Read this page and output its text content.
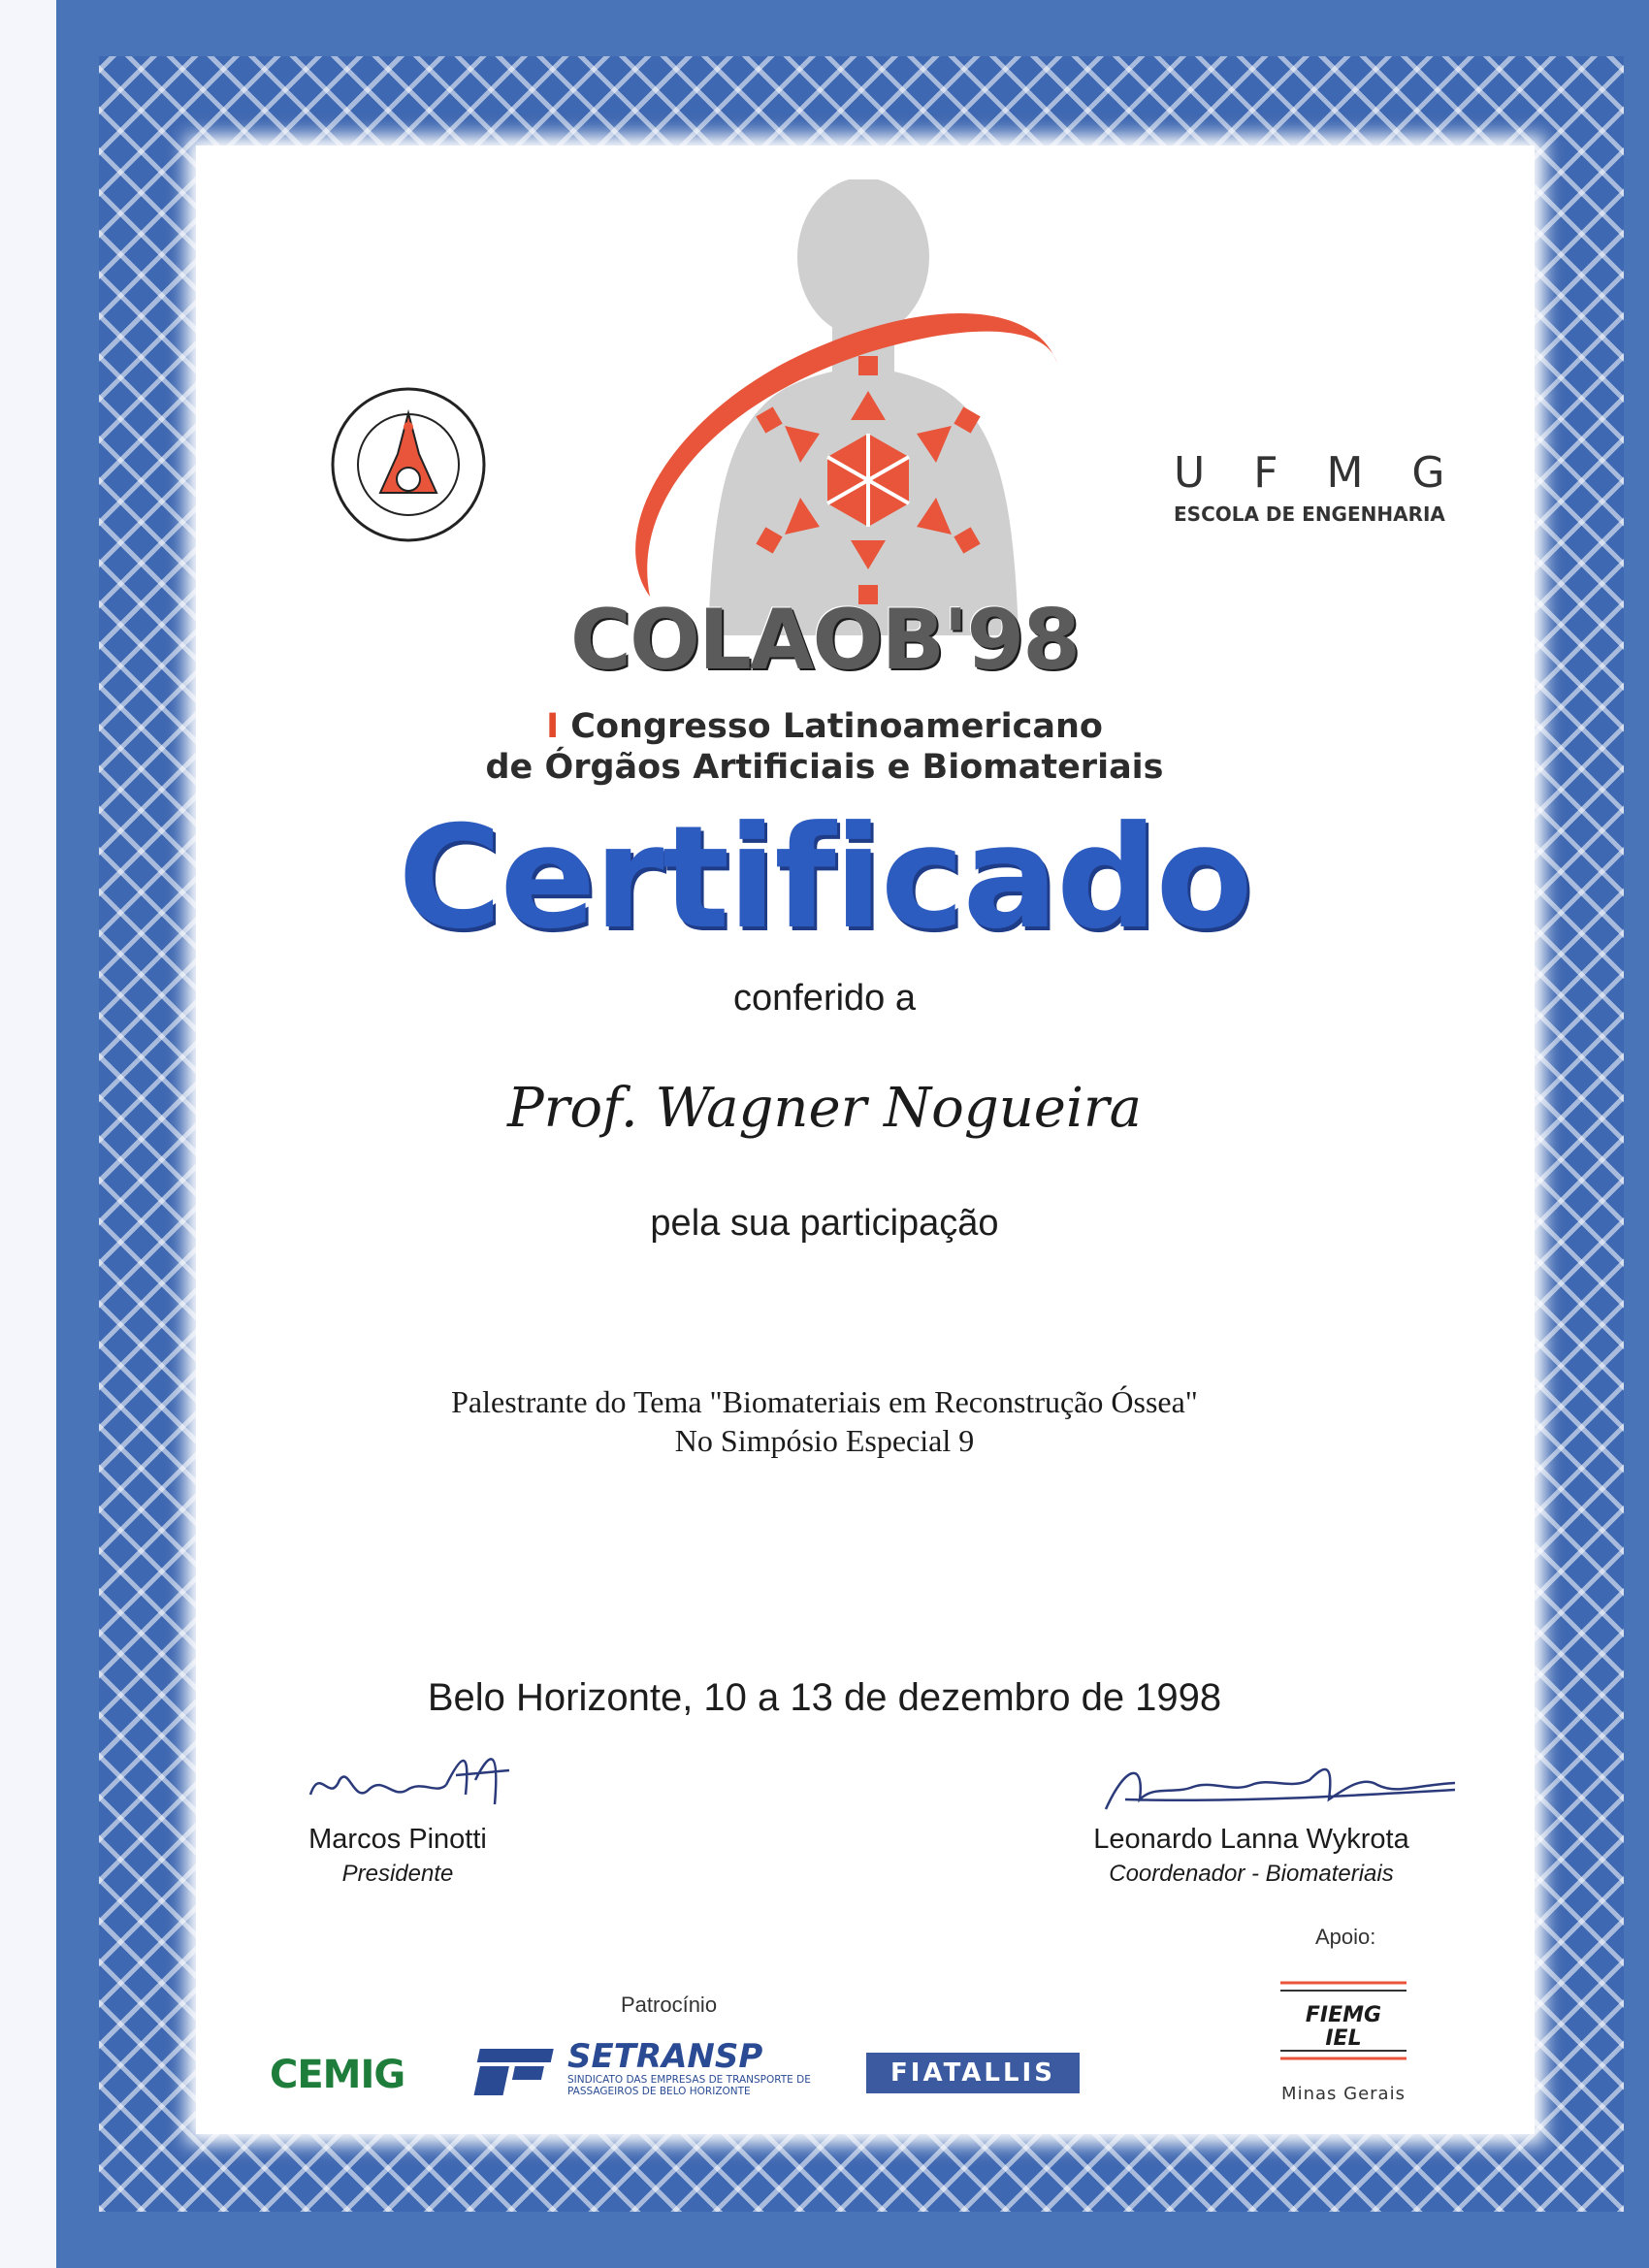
U F M G
ESCOLA DE ENGENHARIA
COLAOB'98
I Congresso Latinoamericano
de Órgãos Artificiais e Biomateriais
Certificado
conferido a
Prof. Wagner Nogueira
pela sua participação
Palestrante do Tema "Biomateriais em Reconstrução Óssea"
No Simpósio Especial 9
Belo Horizonte, 10 a 13 de dezembro de 1998
Marcos Pinotti
Presidente
Leonardo Lanna Wykrota
Coordenador - Biomateriais
Apoio:
Patrocínio
CEMIG	SETRANSP
SINDICATO DAS EMPRESAS DE TRANSPORTE DE PASSAGEIROS DE BELO HORIZONTE
FIATALLIS
FIEMG
IEL
Minas Gerais
